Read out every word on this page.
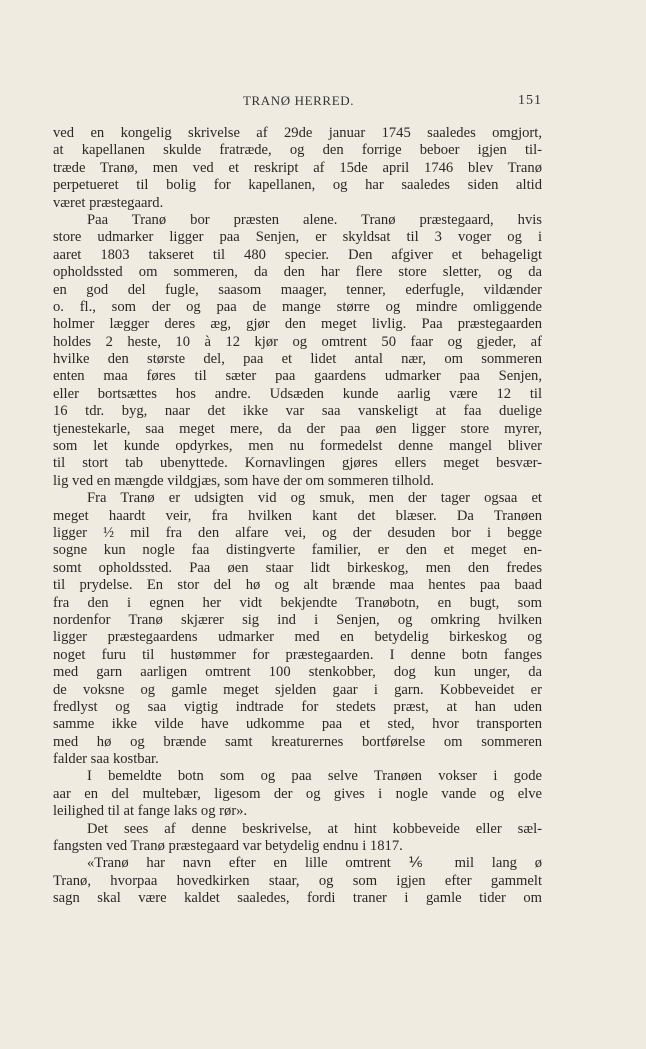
TRANØ HERRED.	151
ved en kongelig skrivelse af 29de januar 1745 saaledes omgjort,
at kapellanen skulde fratræde, og den forrige beboer igjen til-
træde Tranø, men ved et reskript af 15de april 1746 blev Tranø
perpetueret til bolig for kapellanen, og har saaledes siden altid
været præstegaard.
Paa Tranø bor præsten alene. Tranø præstegaard, hvis
store udmarker ligger paa Senjen, er skyldsat til 3 voger og i
aaret 1803 takseret til 480 specier. Den afgiver et behageligt
opholdssted om sommeren, da den har flere store sletter, og da
en god del fugle, saasom maager, tenner, ederfugle, vildænder
o. fl., som der og paa de mange større og mindre omliggende
holmer lægger deres æg, gjør den meget livlig. Paa præstegaarden
holdes 2 heste, 10 à 12 kjør og omtrent 50 faar og gjeder, af
hvilke den største del, paa et lidet antal nær, om sommeren
enten maa føres til sæter paa gaardens udmarker paa Senjen,
eller bortsættes hos andre. Udsæden kunde aarlig være 12 til
16 tdr. byg, naar det ikke var saa vanskeligt at faa duelige
tjenestekarle, saa meget mere, da der paa øen ligger store myrer,
som let kunde opdyrkes, men nu formedelst denne mangel bliver
til stort tab ubenyttede. Kornavlingen gjøres ellers meget besvær-
lig ved en mængde vildgjæs, som have der om sommeren tilhold.
Fra Tranø er udsigten vid og smuk, men der tager ogsaa et
meget haardt veir, fra hvilken kant det blæser. Da Tranøen
ligger ½ mil fra den alfare vei, og der desuden bor i begge
sogne kun nogle faa distingverte familier, er den et meget en-
somt opholdssted. Paa øen staar lidt birkeskog, men den fredes
til prydelse. En stor del hø og alt brænde maa hentes paa baad
fra den i egnen her vidt bekjendte Tranøbotn, en bugt, som
nordenfor Tranø skjærer sig ind i Senjen, og omkring hvilken
ligger præstegaardens udmarker med en betydelig birkeskog og
noget furu til hustømmer for præstegaarden. I denne botn fanges
med garn aarligen omtrent 100 stenkobber, dog kun unger, da
de voksne og gamle meget sjelden gaar i garn. Kobbeveidet er
fredlyst og saa vigtig indtrade for stedets præst, at han uden
samme ikke vilde have udkomme paa et sted, hvor transporten
med hø og brænde samt kreaturernes bortførelse om sommeren
falder saa kostbar.
I bemeldte botn som og paa selve Tranøen vokser i gode
aar en del multebær, ligesom der og gives i nogle vande og elve
leilighed til at fange laks og rør».
Det sees af denne beskrivelse, at hint kobbeveide eller sæl-
fangsten ved Tranø præstegaard var betydelig endnu i 1817.
«Tranø har navn efter en lille omtrent ⅙ mil lang ø
Tranø, hvorpaa hovedkirken staar, og som igjen efter gammelt
sagn skal være kaldet saaledes, fordi traner i gamle tider om
